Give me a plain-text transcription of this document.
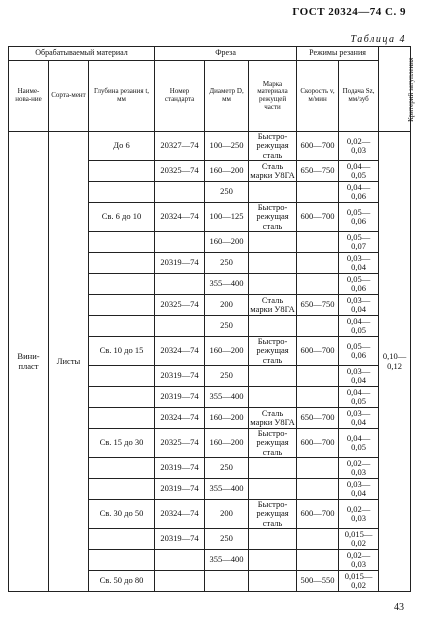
ГОСТ 20324—74 С. 9
Таблица 4
Обрабатываемый материал			Фреза			Режимы резания		Критерий затупления
Наиме-нова-ние	Сорта-мент	Глубина резания t, мм	Номер стандарта	Диаметр D, мм	Марка материала режущей части	Скорость v, м/мин	Подача Sz, мм/зуб	
Вини-пласт	Листы	До 6	20327—74	100—250	Быстро-режущая сталь	600—700	0,02— 0,03	0,10— 0,12
			20325—74	160—200	Сталь марки У8ГА	650—750	0,04— 0,05	
				250			0,04— 0,06	
		Св. 6 до 10	20324—74	100—125	Быстро-режущая сталь	600—700	0,05— 0,06	
				160—200			0,05— 0,07	
			20319—74	250			0,03— 0,04	
				355—400			0,05— 0,06	
			20325—74	200	Сталь марки У8ГА	650—750	0,03— 0,04	
				250			0,04— 0,05	
		Св. 10 до 15	20324—74	160—200	Быстро-режущая сталь	600—700	0,05— 0,06	
			20319—74	250			0,03— 0,04	
			20319—74	355—400			0,04— 0,05	
			20324—74	160—200	Сталь марки У8ГА	650—700	0,03— 0,04	
		Св. 15 до 30	20325—74	160—200	Быстро-режущая сталь	600—700	0,04— 0,05	
			20319—74	250			0,02— 0,03	
			20319—74	355—400			0,03— 0,04	
		Св. 30 до 50	20324—74	200	Быстро-режущая сталь	600—700	0,02— 0,03	
			20319—74	250			0,015— 0,02	
				355—400			0,02— 0,03	
		Св. 50 до 80				500—550	0,015— 0,02	
43
